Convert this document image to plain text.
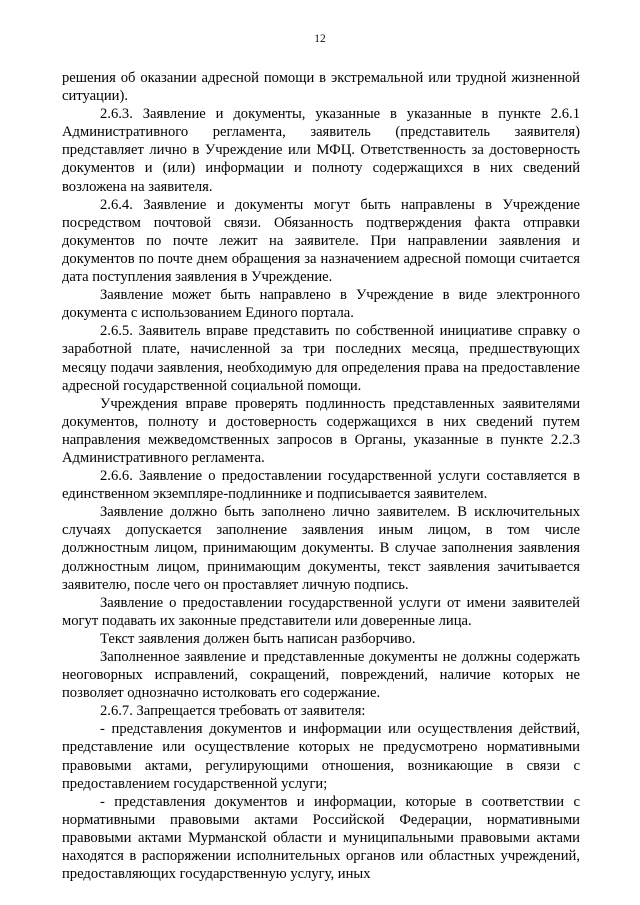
12

решения об оказании адресной помощи в экстремальной или трудной жизненной ситуации).

2.6.3. Заявление и документы, указанные в указанные в пункте 2.6.1 Административного регламента, заявитель (представитель заявителя) представляет лично в Учреждение или МФЦ. Ответственность за достоверность документов и (или) информации и полноту содержащихся в них сведений возложена на заявителя.

2.6.4. Заявление и документы могут быть направлены в Учреждение посредством почтовой связи. Обязанность подтверждения факта отправки документов по почте лежит на заявителе. При направлении заявления и документов по почте днем обращения за назначением адресной помощи считается дата поступления заявления в Учреждение.

Заявление может быть направлено в Учреждение в виде электронного документа с использованием Единого портала.

2.6.5. Заявитель вправе представить по собственной инициативе справку о заработной плате, начисленной за три последних месяца, предшествующих месяцу подачи заявления, необходимую для определения права на предоставление адресной государственной социальной помощи.

Учреждения вправе проверять подлинность представленных заявителями документов, полноту и достоверность содержащихся в них сведений путем направления межведомственных запросов в Органы, указанные в пункте 2.2.3 Административного регламента.

2.6.6. Заявление о предоставлении государственной услуги составляется в единственном экземпляре-подлиннике и подписывается заявителем.

Заявление должно быть заполнено лично заявителем. В исключительных случаях допускается заполнение заявления иным лицом, в том числе должностным лицом, принимающим документы. В случае заполнения заявления должностным лицом, принимающим документы, текст заявления зачитывается заявителю, после чего он проставляет личную подпись.

Заявление о предоставлении государственной услуги от имени заявителей могут подавать их законные представители или доверенные лица.

Текст заявления должен быть написан разборчиво.

Заполненное заявление и представленные документы не должны содержать неоговорных исправлений, сокращений, повреждений, наличие которых не позволяет однозначно истолковать его содержание.

2.6.7. Запрещается требовать от заявителя:

- представления документов и информации или осуществления действий, представление или осуществление которых не предусмотрено нормативными правовыми актами, регулирующими отношения, возникающие в связи с предоставлением государственной услуги;

- представления документов и информации, которые в соответствии с нормативными правовыми актами Российской Федерации, нормативными правовыми актами Мурманской области и муниципальными правовыми актами находятся в распоряжении исполнительных органов или областных учреждений, предоставляющих государственную услугу, иных
